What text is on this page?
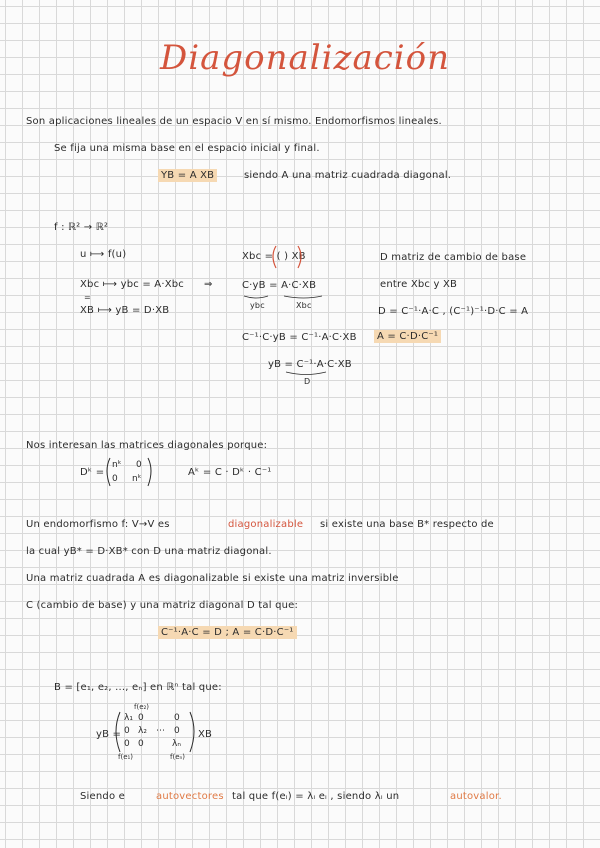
Diagonalización
Son aplicaciones lineales de un espacio V en sí mismo. Endomorfismos lineales.
Se fija una misma base en el espacio inicial y final.
YB = A XB	siendo A una matriz cuadrada diagonal.
f : ℝ² → ℝ²
u ⟼ f(u)
Xbc ⟼ ybc = A·Xbc
=
XB ⟼ yB = D·XB
⇒
Xbc = ( ) XB
C·yB = A·C·XB
ybc	Xbc
D matriz de cambio de base
entre Xbc y XB
D = C⁻¹·A·C , (C⁻¹)⁻¹·D·C = A
C⁻¹·C·yB = C⁻¹·A·C·XB	A = C·D·C⁻¹
yB = C⁻¹·A·C·XB
D
Nos interesan las matrices diagonales porque:
Dᵏ =
nᵏ 0
0 nᵏ
Aᵏ = C · Dᵏ · C⁻¹
Un endomorfismo f: V→V es	diagonalizable si existe una base B* respecto de
la cual yB* = D·XB* con D una matriz diagonal.
Una matriz cuadrada A es diagonalizable si existe una matriz inversible
C (cambio de base) y una matriz diagonal D tal que:
C⁻¹·A·C = D ; A = C·D·C⁻¹
B = [e₁, e₂, ..., eₙ] en ℝⁿ tal que:
yB =
f(e₂)
λ₁ 0	0
0 λ₂ ⋯ 0
0 0	λₙ
f(e₁)	f(eₙ)
XB
Siendo e	autovectores tal que f(eᵢ) = λᵢ eᵢ , siendo λᵢ un	autovalor.
